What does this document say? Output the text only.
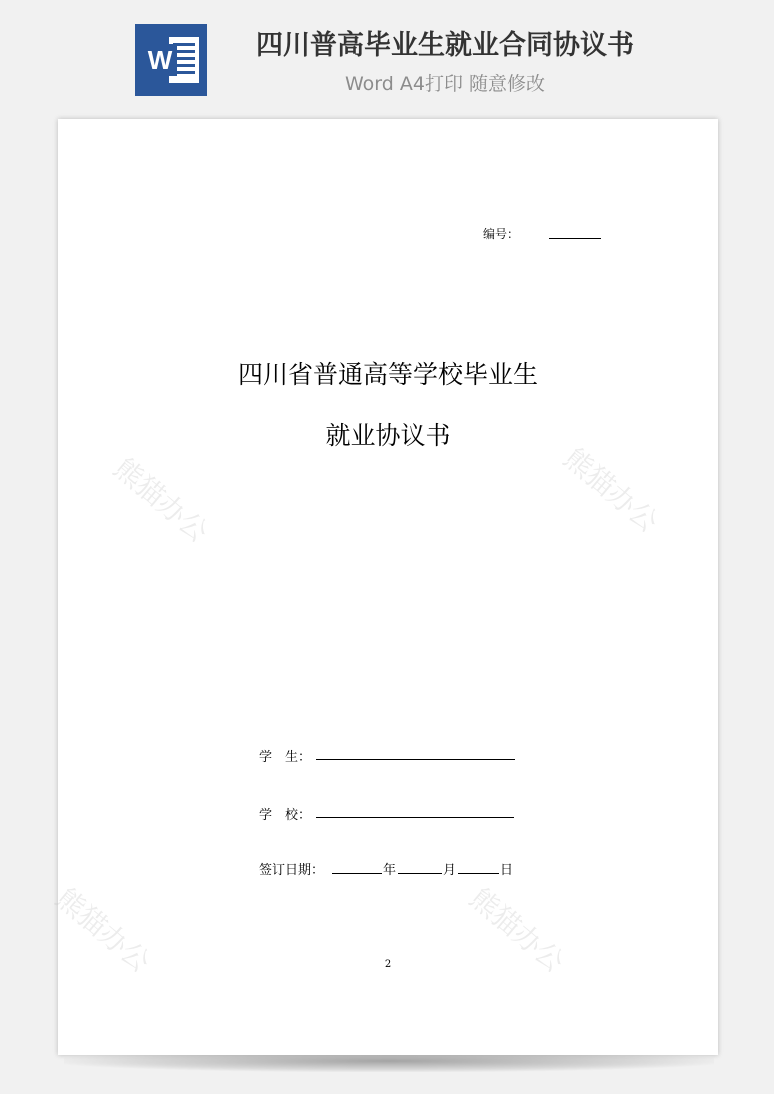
W	四川普高毕业生就业合同协议书
Word A4打印 随意修改
熊猫办公	熊猫办公
熊猫办公	熊猫办公
编号：
四川省普通高等学校毕业生
就业协议书
学　生：
学　校：
签订日期：	年	月	日
2
